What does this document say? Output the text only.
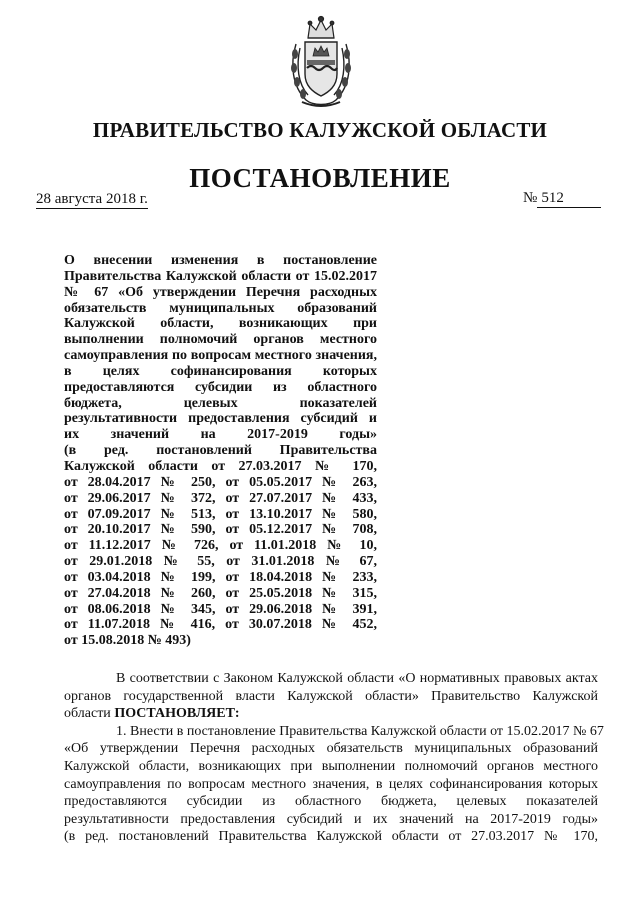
ПРАВИТЕЛЬСТВО КАЛУЖСКОЙ ОБЛАСТИ
ПОСТАНОВЛЕНИЕ
28 августа 2018 г.	№ 512
О внесении изменения в постановление
Правительства Калужской области от 15.02.2017
№ 67 «Об утверждении Перечня расходных
обязательств муниципальных образований
Калужской области, возникающих при
выполнении полномочий органов местного
самоуправления по вопросам местного значения,
в целях софинансирования которых
предоставляются субсидии из областного
бюджета, целевых показателей
результативности предоставления субсидий и
их значений на 2017-2019 годы»
(в ред. постановлений Правительства
Калужской области от 27.03.2017 № 170,
от 28.04.2017 № 250, от 05.05.2017 № 263,
от 29.06.2017 № 372, от 27.07.2017 № 433,
от 07.09.2017 № 513, от 13.10.2017 № 580,
от 20.10.2017 № 590, от 05.12.2017 № 708,
от 11.12.2017 № 726, от 11.01.2018 № 10,
от 29.01.2018 № 55, от 31.01.2018 № 67,
от 03.04.2018 № 199, от 18.04.2018 № 233,
от 27.04.2018 № 260, от 25.05.2018 № 315,
от 08.06.2018 № 345, от 29.06.2018 № 391,
от 11.07.2018 № 416, от 30.07.2018 № 452,
от 15.08.2018 № 493)
В соответствии с Законом Калужской области «О нормативных правовых актах
органов государственной власти Калужской области» Правительство Калужской
области ПОСТАНОВЛЯЕТ:
1. Внести в постановление Правительства Калужской области от 15.02.2017 № 67
«Об утверждении Перечня расходных обязательств муниципальных образований
Калужской области, возникающих при выполнении полномочий органов местного
самоуправления по вопросам местного значения, в целях софинансирования которых
предоставляются субсидии из областного бюджета, целевых показателей
результативности предоставления субсидий и их значений на 2017-2019 годы»
(в ред. постановлений Правительства Калужской области от 27.03.2017 № 170,
